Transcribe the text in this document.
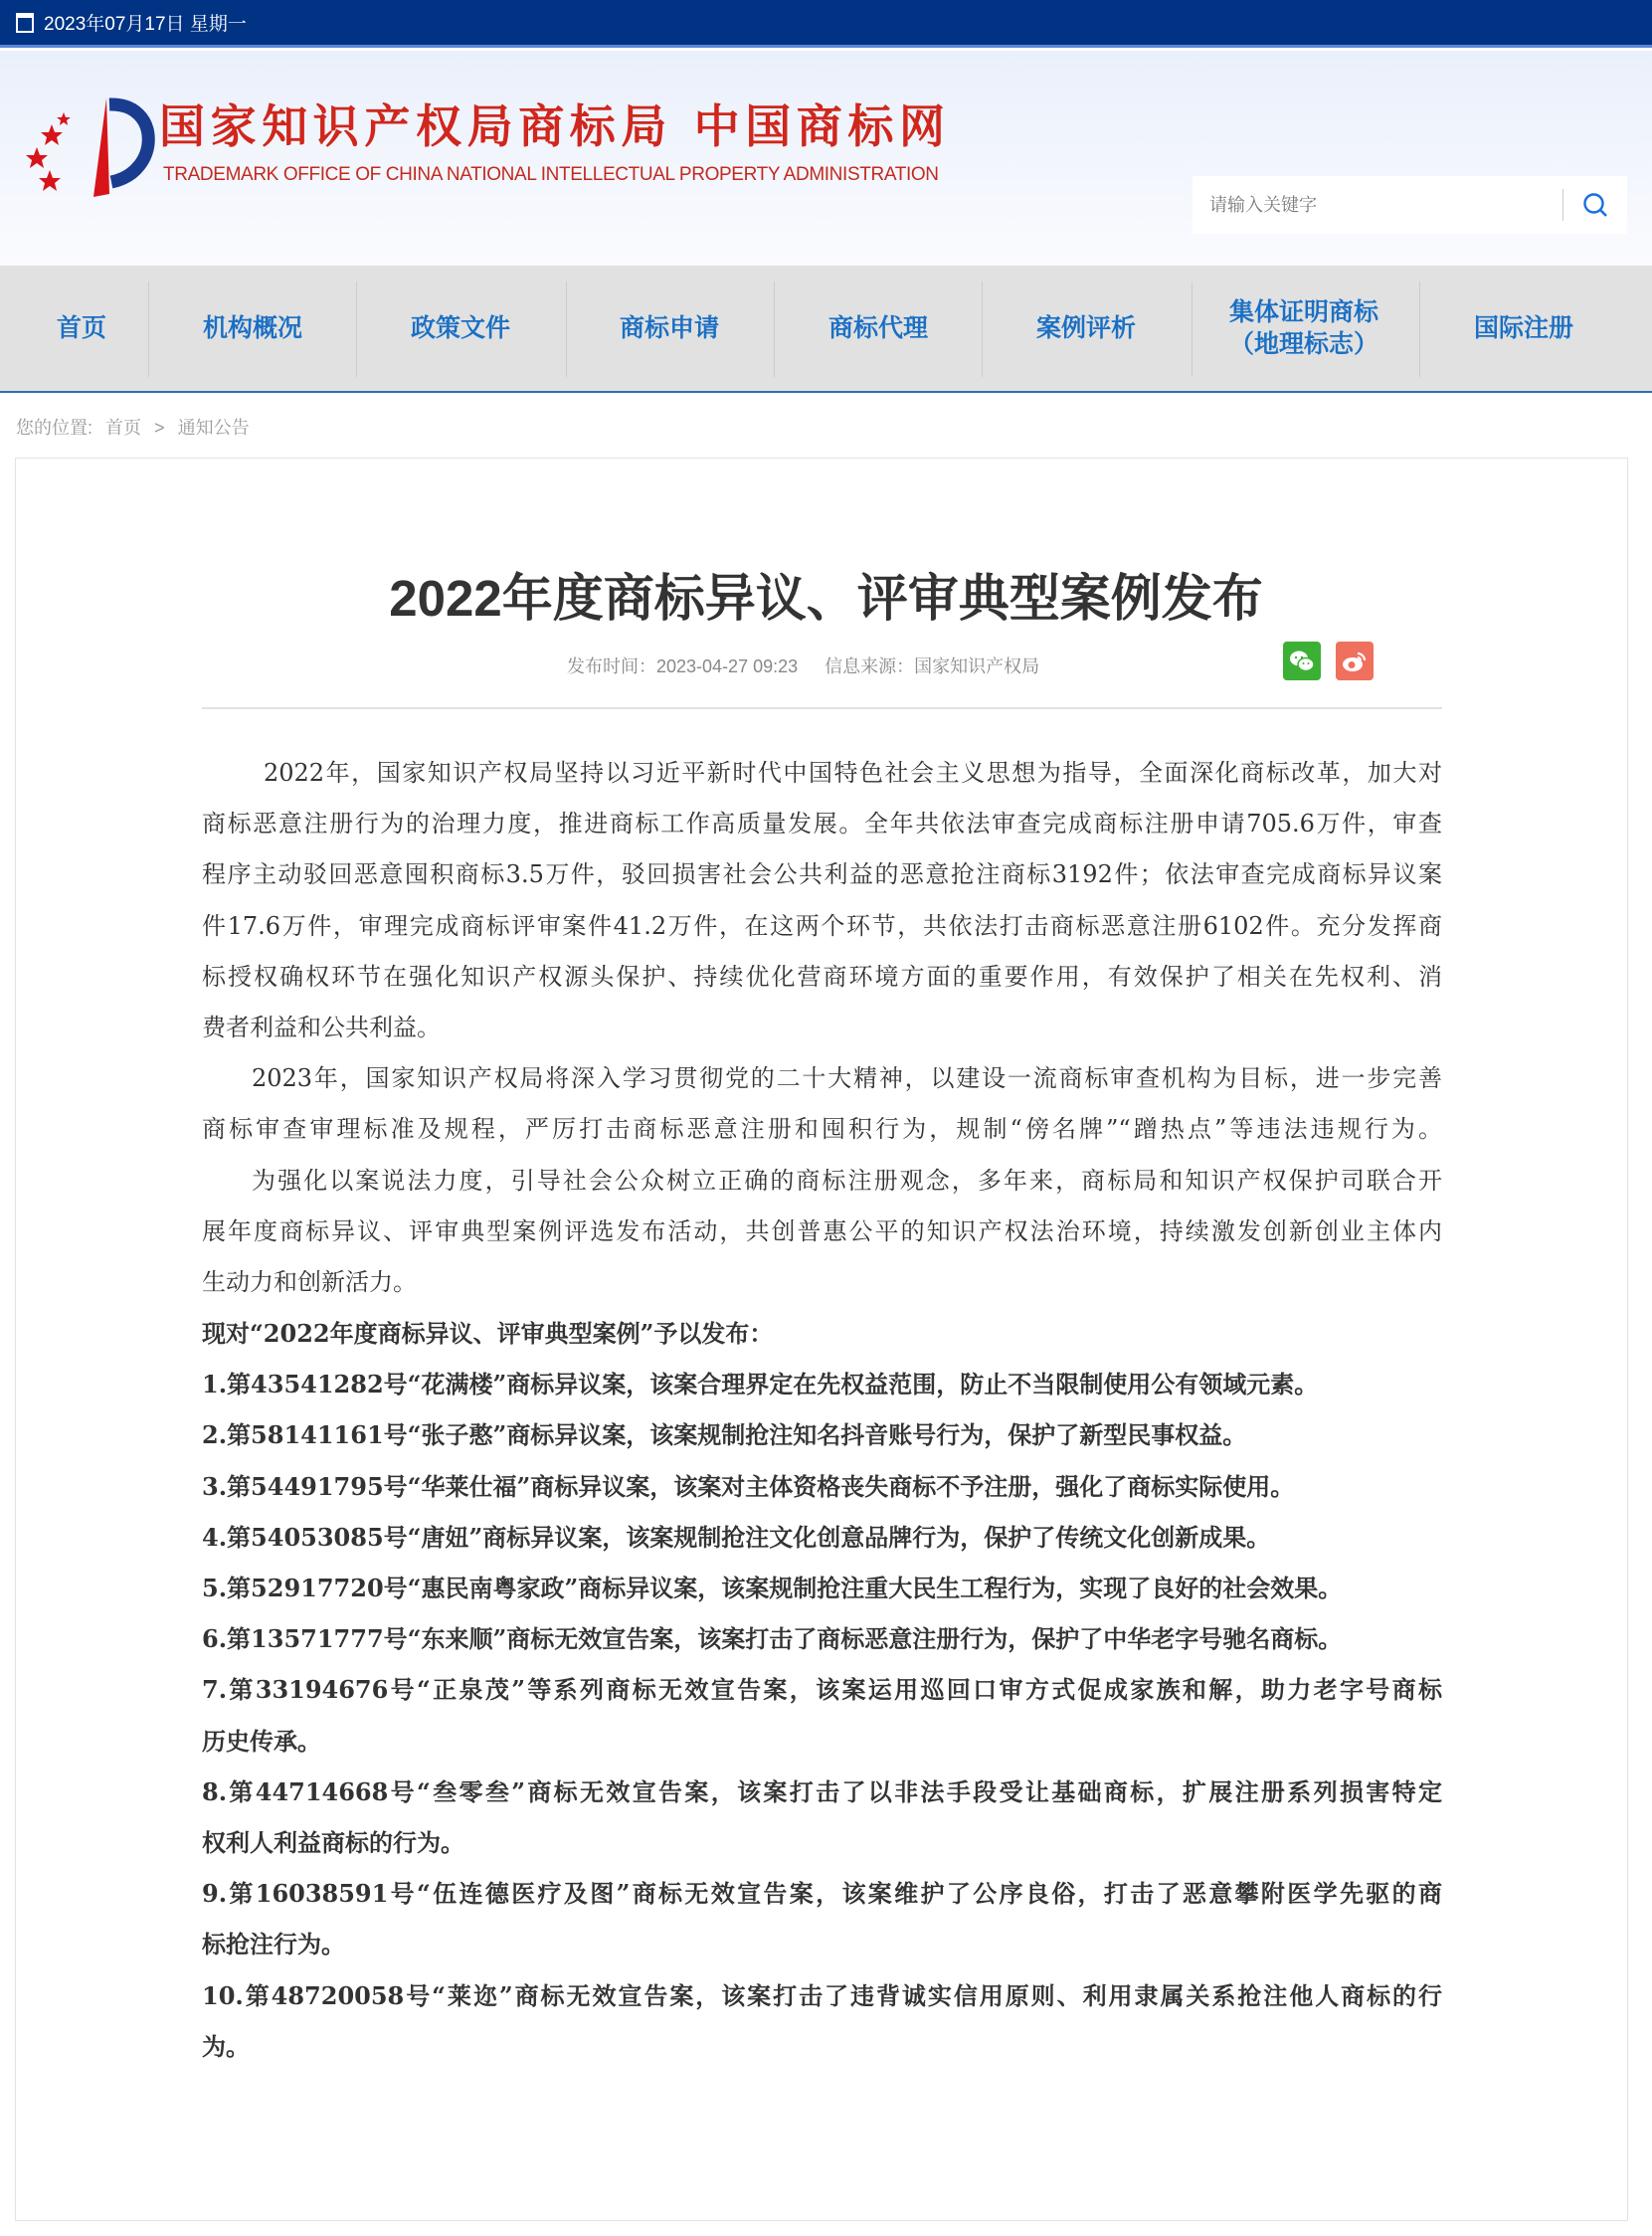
2023年07月17日 星期一
国家知识产权局商标局 中国商标网
TRADEMARK OFFICE OF CHINA NATIONAL INTELLECTUAL PROPERTY ADMINISTRATION
请输入关键字
首页	机构概况	政策文件	商标申请	商标代理	案例评析
集体证明商标
（地理标志）
国际注册
您的位置: 首页 > 通知公告
2022年度商标异议、评审典型案例发布
发布时间：2023-04-27 09:23 信息来源：国家知识产权局
2022年，国家知识产权局坚持以习近平新时代中国特色社会主义思想为指导，全面深化商标改革，加大对
商标恶意注册行为的治理力度，推进商标工作高质量发展。全年共依法审查完成商标注册申请705.6万件，审查
程序主动驳回恶意囤积商标3.5万件，驳回损害社会公共利益的恶意抢注商标3192件；依法审查完成商标异议案
件17.6万件，审理完成商标评审案件41.2万件，在这两个环节，共依法打击商标恶意注册6102件。充分发挥商
标授权确权环节在强化知识产权源头保护、持续优化营商环境方面的重要作用，有效保护了相关在先权利、消
费者利益和公共利益。
2023年，国家知识产权局将深入学习贯彻党的二十大精神，以建设一流商标审查机构为目标，进一步完善
商标审查审理标准及规程，严厉打击商标恶意注册和囤积行为，规制“傍名牌”“蹭热点”等违法违规行为。
为强化以案说法力度，引导社会公众树立正确的商标注册观念，多年来，商标局和知识产权保护司联合开
展年度商标异议、评审典型案例评选发布活动，共创普惠公平的知识产权法治环境，持续激发创新创业主体内
生动力和创新活力。
现对“2022年度商标异议、评审典型案例”予以发布：
1.第43541282号“花满楼”商标异议案，该案合理界定在先权益范围，防止不当限制使用公有领域元素。
2.第58141161号“张子憨”商标异议案，该案规制抢注知名抖音账号行为，保护了新型民事权益。
3.第54491795号“华莱仕福”商标异议案，该案对主体资格丧失商标不予注册，强化了商标实际使用。
4.第54053085号“唐妞”商标异议案，该案规制抢注文化创意品牌行为，保护了传统文化创新成果。
5.第52917720号“惠民南粤家政”商标异议案，该案规制抢注重大民生工程行为，实现了良好的社会效果。
6.第13571777号“东来顺”商标无效宣告案，该案打击了商标恶意注册行为，保护了中华老字号驰名商标。
7.第33194676号“正泉茂”等系列商标无效宣告案，该案运用巡回口审方式促成家族和解，助力老字号商标
历史传承。
8.第44714668号“叁零叁”商标无效宣告案，该案打击了以非法手段受让基础商标，扩展注册系列损害特定
权利人利益商标的行为。
9.第16038591号“伍连德医疗及图”商标无效宣告案，该案维护了公序良俗，打击了恶意攀附医学先驱的商
标抢注行为。
10.第48720058号“莱迩”商标无效宣告案，该案打击了违背诚实信用原则、利用隶属关系抢注他人商标的行
为。
